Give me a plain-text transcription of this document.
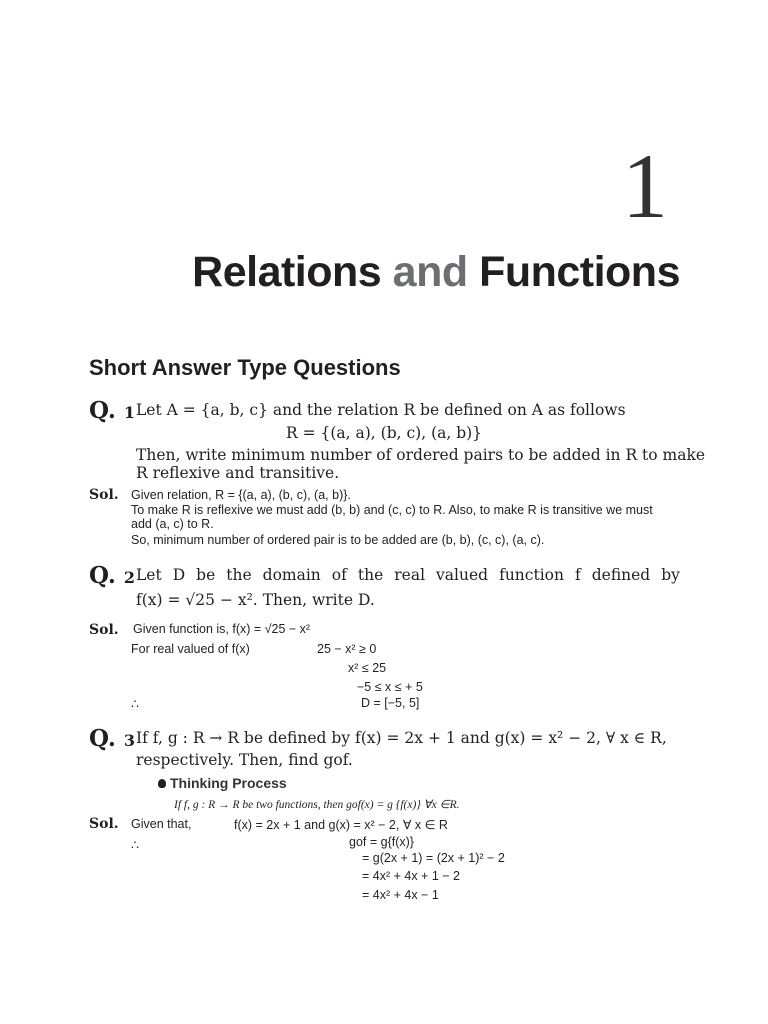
1
Relations and Functions
Short Answer Type Questions
Q. 1 Let A = {a, b, c} and the relation R be defined on A as follows
R = {(a, a), (b, c), (a, b)}
Then, write minimum number of ordered pairs to be added in R to make
R reflexive and transitive.
Sol. Given relation, R = {(a, a), (b, c), (a, b)}.
To make R is reflexive we must add (b, b) and (c, c) to R. Also, to make R is transitive we must
add (a, c) to R.
So, minimum number of ordered pair is to be added are (b, b), (c, c), (a, c).
Q. 2 Let D be the domain of the real valued function f defined by
f(x) = √25 − x². Then, write D.
Sol. Given function is, f(x) = √25 − x²
For real valued of f(x)	25 − x² ≥ 0
x² ≤ 25
−5 ≤ x ≤ + 5
∴	D = [−5, 5]
Q. 3 If f, g : R → R be defined by f(x) = 2x + 1 and g(x) = x² − 2, ∀ x ∈ R,
respectively. Then, find gof.
Thinking Process
If f, g : R → R be two functions, then gof(x) = g {f(x)} ∀x ∈R.
Sol. Given that,	f(x) = 2x + 1 and g(x) = x² − 2, ∀ x ∈ R
∴	gof = g{f(x)}
= g(2x + 1) = (2x + 1)² − 2
= 4x² + 4x + 1 − 2
= 4x² + 4x − 1
